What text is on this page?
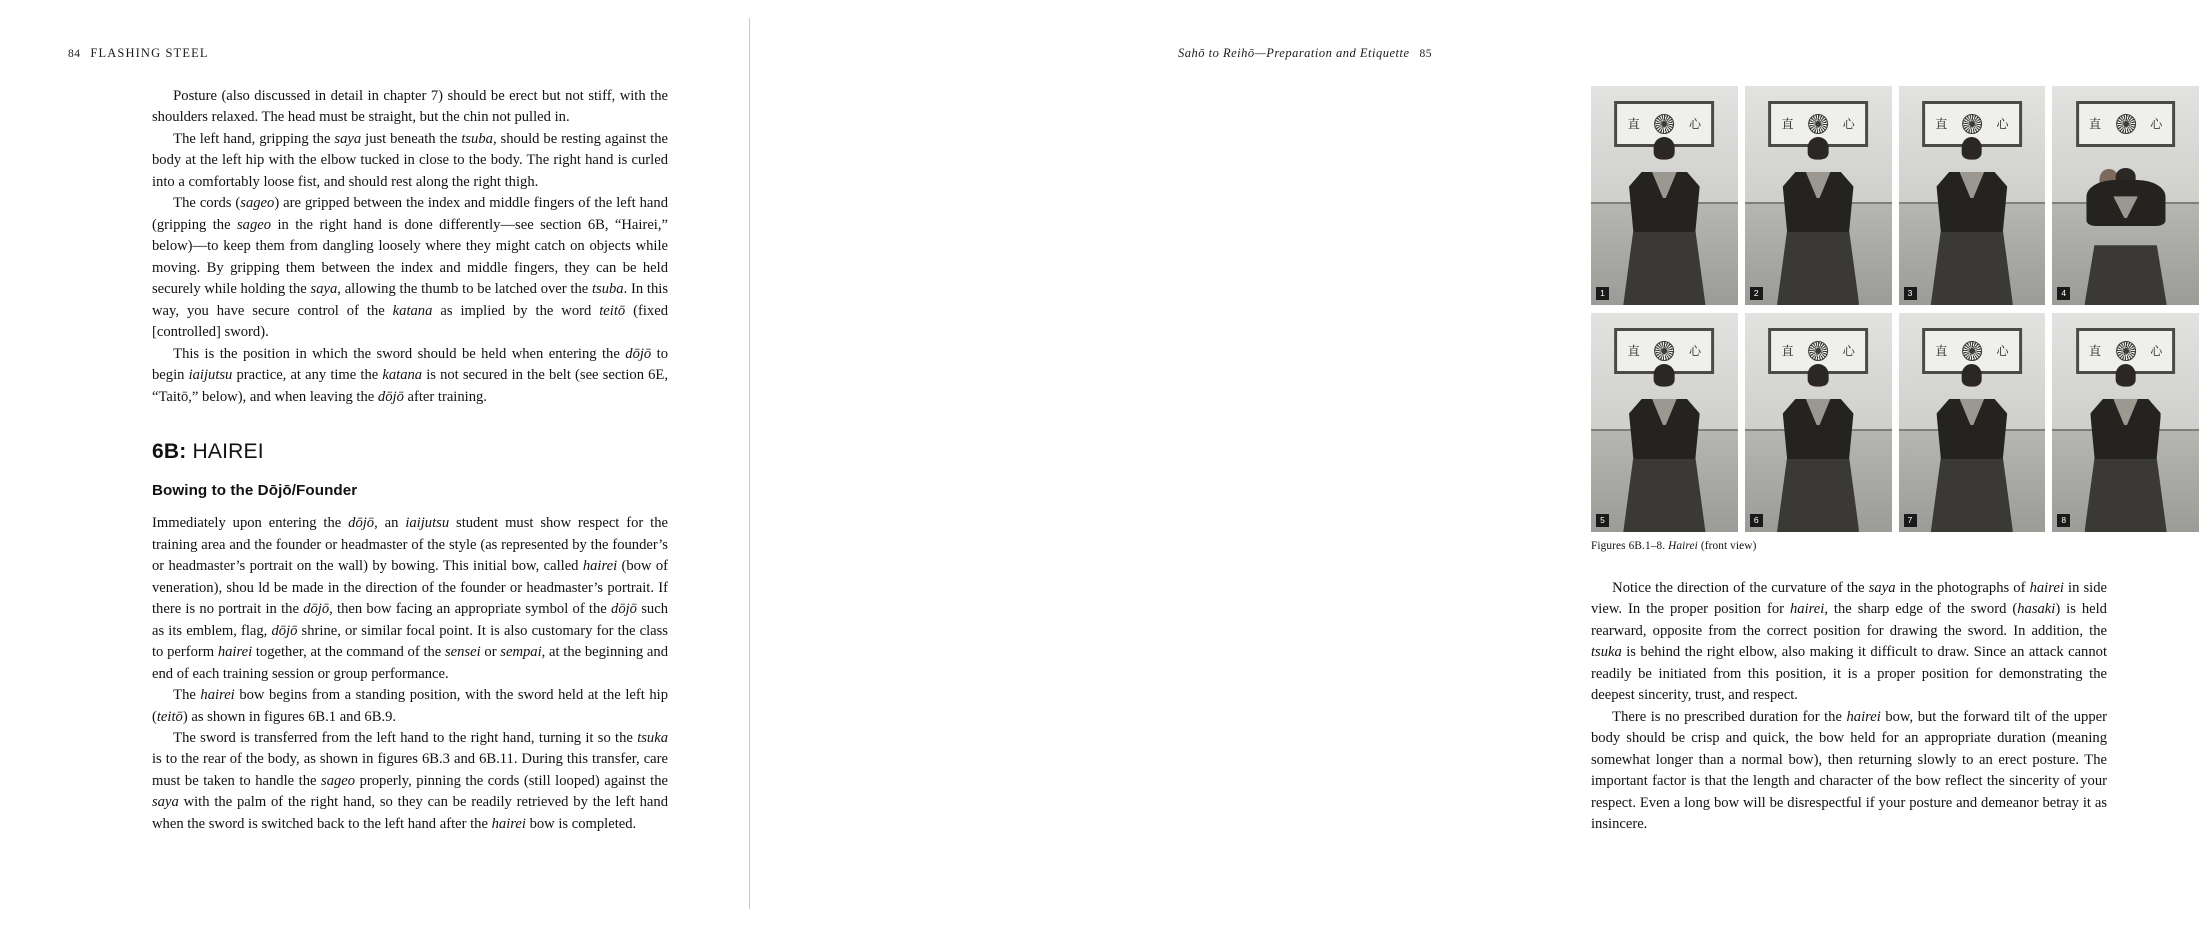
84 FLASHING STEEL

Posture (also discussed in detail in chapter 7) should be erect but not stiff, with the shoulders relaxed. The head must be straight, but the chin not pulled in.

The left hand, gripping the saya just beneath the tsuba, should be resting against the body at the left hip with the elbow tucked in close to the body. The right hand is curled into a comfortably loose fist, and should rest along the right thigh.

The cords (sageo) are gripped between the index and middle fingers of the left hand (gripping the sageo in the right hand is done differently—see section 6B, “Hairei,” below)—to keep them from dangling loosely where they might catch on objects while moving. By gripping them between the index and middle fingers, they can be held securely while holding the saya, allowing the thumb to be latched over the tsuba. In this way, you have secure control of the katana as implied by the word teitō (fixed [controlled] sword).

This is the position in which the sword should be held when entering the dōjō to begin iaijutsu practice, at any time the katana is not secured in the belt (see section 6E, “Taitō,” below), and when leaving the dōjō after training.

6B: HAIREI
Bowing to the Dōjō/Founder

Immediately upon entering the dōjō, an iaijutsu student must show respect for the training area and the founder or headmaster of the style (as represented by the founder’s or headmaster’s portrait on the wall) by bowing. This initial bow, called hairei (bow of veneration), shou ld be made in the direction of the founder or headmaster’s portrait. If there is no portrait in the dōjō, then bow facing an appropriate symbol of the dōjō such as its emblem, flag, dōjō shrine, or similar focal point. It is also customary for the class to perform hairei together, at the command of the sensei or sempai, at the beginning and end of each training session or group performance.

The hairei bow begins from a standing position, with the sword held at the left hip (teitō) as shown in figures 6B.1 and 6B.9.

The sword is transferred from the left hand to the right hand, turning it so the tsuka is to the rear of the body, as shown in figures 6B.3 and 6B.11. During this transfer, care must be taken to handle the sageo properly, pinning the cords (still looped) against the saya with the palm of the right hand, so they can be readily retrieved by the left hand when the sword is switched back to the left hand after the hairei bow is completed.

Sahō to Reihō—Preparation and Etiquette 85
直	心
1
直	心
2
直	心
3
直	心
4
直	心
5
直	心
6
直	心
7
直	心
8
Figures 6B.1–8. Hairei (front view)

Notice the direction of the curvature of the saya in the photographs of hairei in side view. In the proper position for hairei, the sharp edge of the sword (hasaki) is held rearward, opposite from the correct position for drawing the sword. In addition, the tsuka is behind the right elbow, also making it difficult to draw. Since an attack cannot readily be initiated from this position, it is a proper position for demonstrating the deepest sincerity, trust, and respect.

There is no prescribed duration for the hairei bow, but the forward tilt of the upper body should be crisp and quick, the bow held for an appropriate duration (meaning somewhat longer than a normal bow), then returning slowly to an erect posture. The important factor is that the length and character of the bow reflect the sincerity of your respect. Even a long bow will be disrespectful if your posture and demeanor betray it as insincere.
